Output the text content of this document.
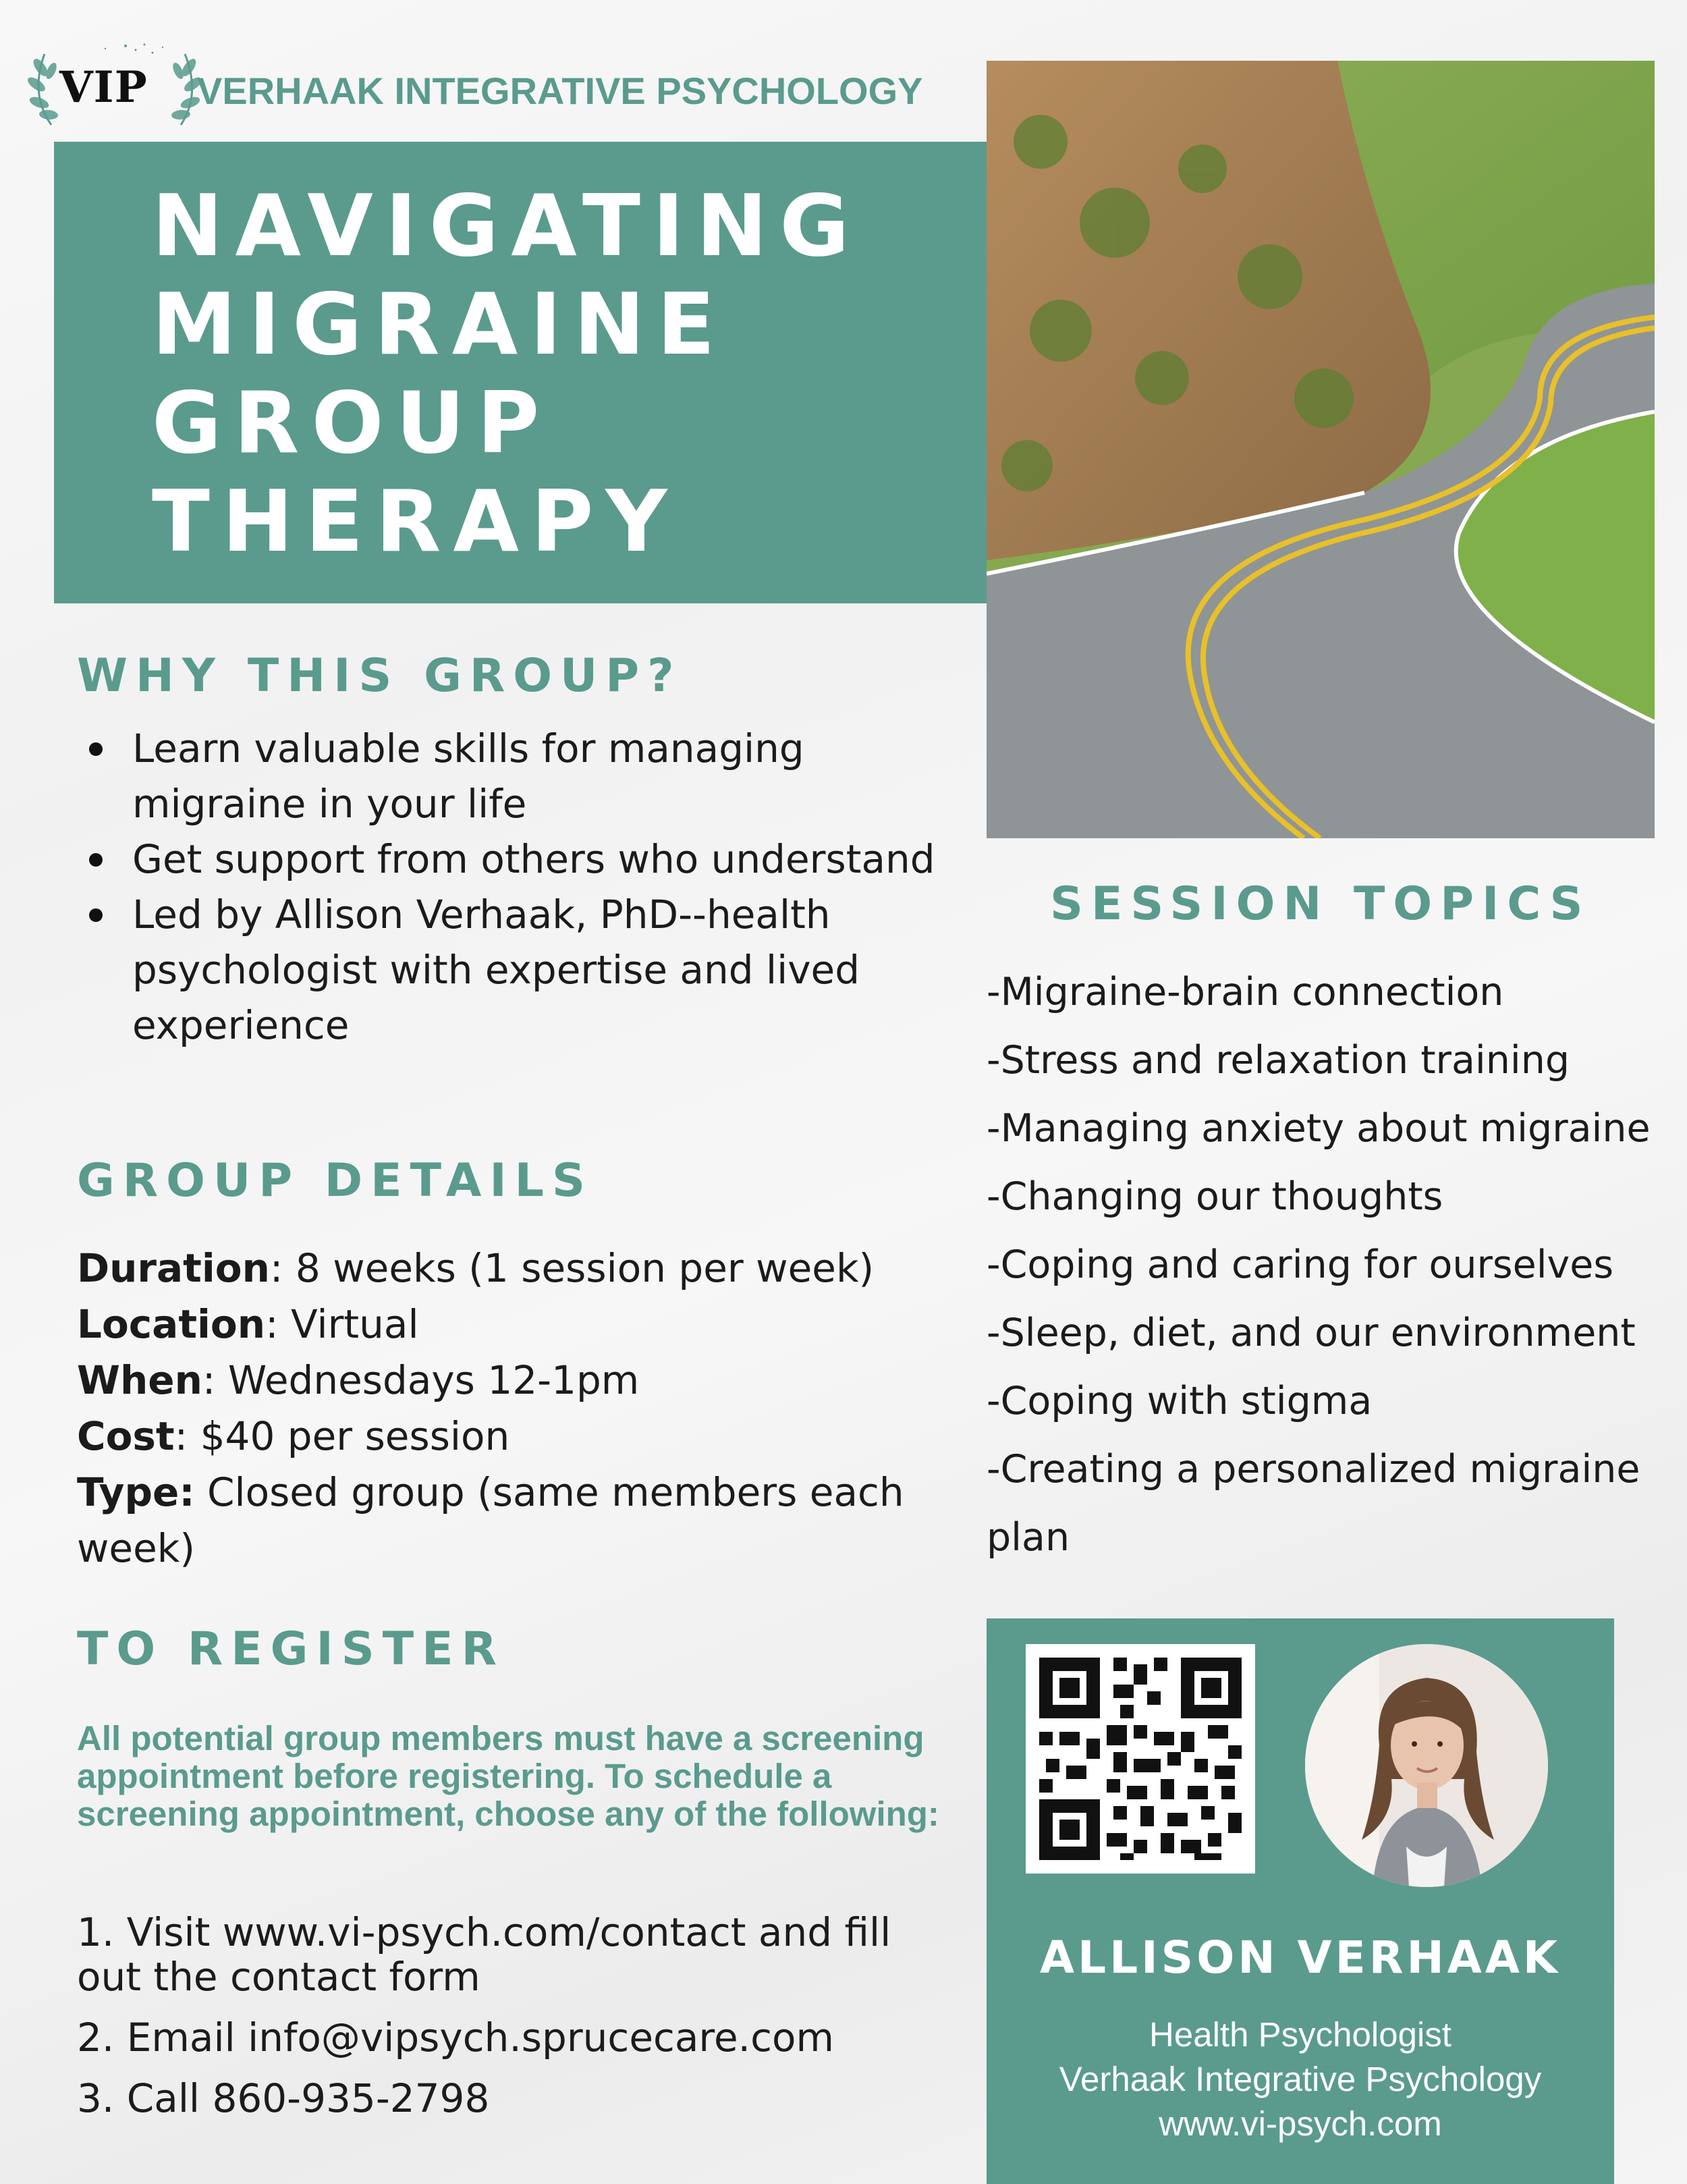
VIP VERHAAK INTEGRATIVE PSYCHOLOGY
NAVIGATING
MIGRAINE
GROUP
THERAPY
WHY THIS GROUP?
Learn valuable skills for managing migraine in your life
Get support from others who understand
Led by Allison Verhaak, PhD--health psychologist with expertise and lived experience
GROUP DETAILS
Duration: 8 weeks (1 session per week)
Location: Virtual
When: Wednesdays 12-1pm
Cost: $40 per session
Type: Closed group (same members each week)
TO REGISTER
All potential group members must have a screening appointment before registering. To schedule a screening appointment, choose any of the following:
1. Visit www.vi-psych.com/contact and fill out the contact form
2. Email info@vipsych.sprucecare.com
3. Call 860-935-2798
SESSION TOPICS
-Migraine-brain connection
-Stress and relaxation training
-Managing anxiety about migraine
-Changing our thoughts
-Coping and caring for ourselves
-Sleep, diet, and our environment
-Coping with stigma
-Creating a personalized migraine plan
ALLISON VERHAAK
Health Psychologist
Verhaak Integrative Psychology
www.vi-psych.com
